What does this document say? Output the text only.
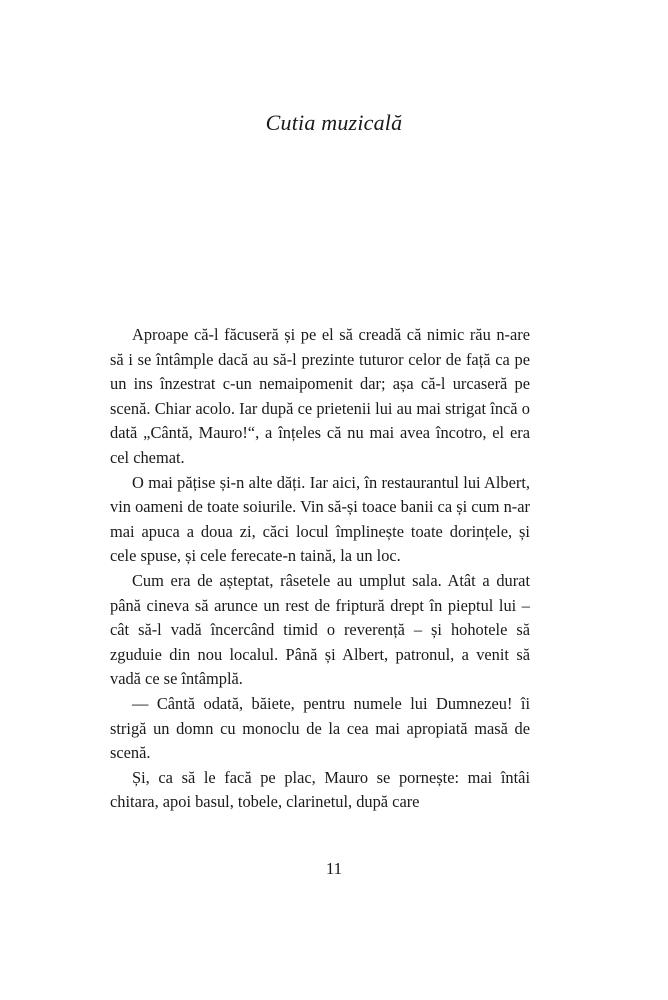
Cutia muzicală

Aproape că-l făcuseră și pe el să creadă că nimic rău n-are să i se întâmple dacă au să-l prezinte tuturor celor de față ca pe un ins înzestrat c-un nemaipomenit dar; așa că-l urcaseră pe scenă. Chiar acolo. Iar după ce prietenii lui au mai strigat încă o dată „Cântă, Mauro!“, a înțeles că nu mai avea încotro, el era cel chemat.

O mai pățise și-n alte dăți. Iar aici, în restaurantul lui Albert, vin oameni de toate soiurile. Vin să-și toace banii ca și cum n-ar mai apuca a doua zi, căci locul împlinește toate dorințele, și cele spuse, și cele ferecate-n taină, la un loc.

Cum era de așteptat, râsetele au umplut sala. Atât a durat până cineva să arunce un rest de friptură drept în pieptul lui – cât să-l vadă încercând timid o reverență – și hohotele să zguduie din nou localul. Până și Albert, patronul, a venit să vadă ce se întâmplă.

— Cântă odată, băiete, pentru numele lui Dumnezeu! îi strigă un domn cu monoclu de la cea mai apropiată masă de scenă.

Și, ca să le facă pe plac, Mauro se pornește: mai întâi chitara, apoi basul, tobele, clarinetul, după care

11
